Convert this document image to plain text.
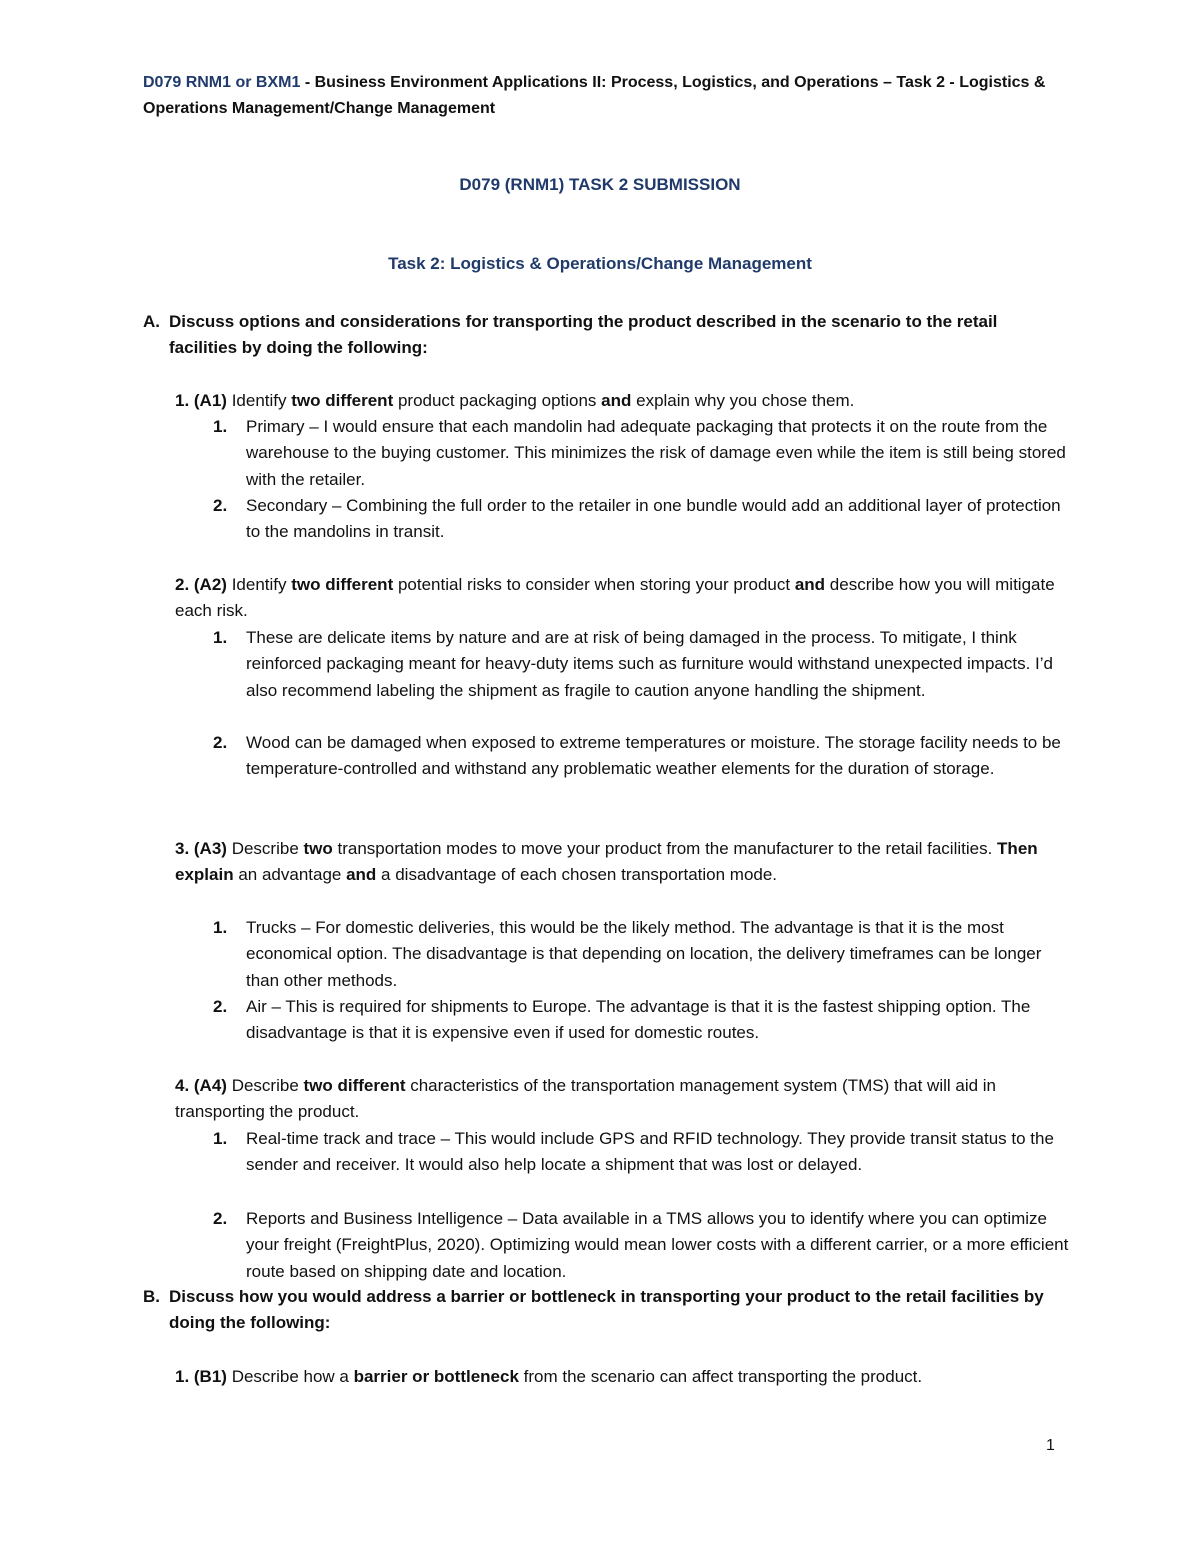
D079 RNM1 or BXM1 - Business Environment Applications II: Process, Logistics, and Operations – Task 2 - Logistics & Operations Management/Change Management
D079 (RNM1) TASK 2 SUBMISSION
Task 2: Logistics & Operations/Change Management
A. Discuss options and considerations for transporting the product described in the scenario to the retail facilities by doing the following:
1. (A1) Identify two different product packaging options and explain why you chose them.
1.	Primary – I would ensure that each mandolin had adequate packaging that protects it on the route from the warehouse to the buying customer. This minimizes the risk of damage even while the item is still being stored with the retailer.
2.	Secondary – Combining the full order to the retailer in one bundle would add an additional layer of protection to the mandolins in transit.
2. (A2) Identify two different potential risks to consider when storing your product and describe how you will mitigate each risk.
1.	These are delicate items by nature and are at risk of being damaged in the process. To mitigate, I think reinforced packaging meant for heavy-duty items such as furniture would withstand unexpected impacts. I’d also recommend labeling the shipment as fragile to caution anyone handling the shipment.
2.	Wood can be damaged when exposed to extreme temperatures or moisture. The storage facility needs to be temperature-controlled and withstand any problematic weather elements for the duration of storage.
3. (A3) Describe two transportation modes to move your product from the manufacturer to the retail facilities. Then explain an advantage and a disadvantage of each chosen transportation mode.
1.	Trucks – For domestic deliveries, this would be the likely method. The advantage is that it is the most economical option. The disadvantage is that depending on location, the delivery timeframes can be longer than other methods.
2.	Air – This is required for shipments to Europe. The advantage is that it is the fastest shipping option. The disadvantage is that it is expensive even if used for domestic routes.
4. (A4) Describe two different characteristics of the transportation management system (TMS) that will aid in transporting the product.
1.	Real-time track and trace – This would include GPS and RFID technology. They provide transit status to the sender and receiver. It would also help locate a shipment that was lost or delayed.
2.	Reports and Business Intelligence – Data available in a TMS allows you to identify where you can optimize your freight (FreightPlus, 2020). Optimizing would mean lower costs with a different carrier, or a more efficient route based on shipping date and location.
B. Discuss how you would address a barrier or bottleneck in transporting your product to the retail facilities by doing the following:
1. (B1) Describe how a barrier or bottleneck from the scenario can affect transporting the product.
1
